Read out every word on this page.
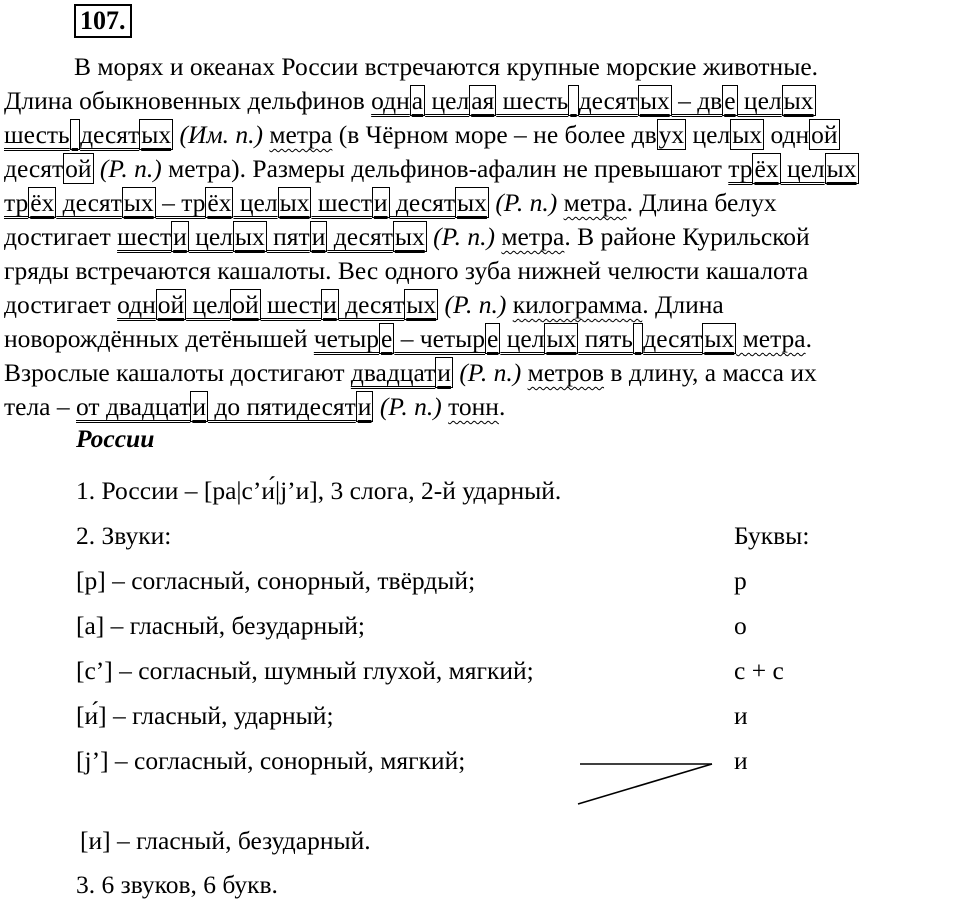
107.
В морях и океанах России встречаются крупные морские животные.
Длина обыкновенных дельфинов одна целая шесть десятых – две целых
шесть десятых (Им. п.) метра (в Чёрном море – не более двух целых одной
десятой (Р. п.) метра). Размеры дельфинов-афалин не превышают трёх целых
трёх десятых – трёх целых шести десятых (Р. п.) метра. Длина белух
достигает шести целых пяти десятых (Р. п.) метра. В районе Курильской
гряды встречаются кашалоты. Вес одного зуба нижней челюсти кашалота
достигает одной целой шести десятых (Р. п.) килограмма. Длина
новорождённых детёнышей четыре – четыре целых пять десятых метра.
Взрослые кашалоты достигают двадцати (Р. п.) метров в длину, а масса их
тела – от двадцати до пятидесяти (Р. п.) тонн.
России
1. России – [ра|с’и́|j’и], 3 слога, 2-й ударный.
2. Звуки:	Буквы:
[р] – согласный, сонорный, твёрдый;	р
[а] – гласный, безударный;	о
[с’] – согласный, шумный глухой, мягкий;	с + с
[и́] – гласный, ударный;	и
[j’] – согласный, сонорный, мягкий;	и
[и] – гласный, безударный.
3. 6 звуков, 6 букв.
